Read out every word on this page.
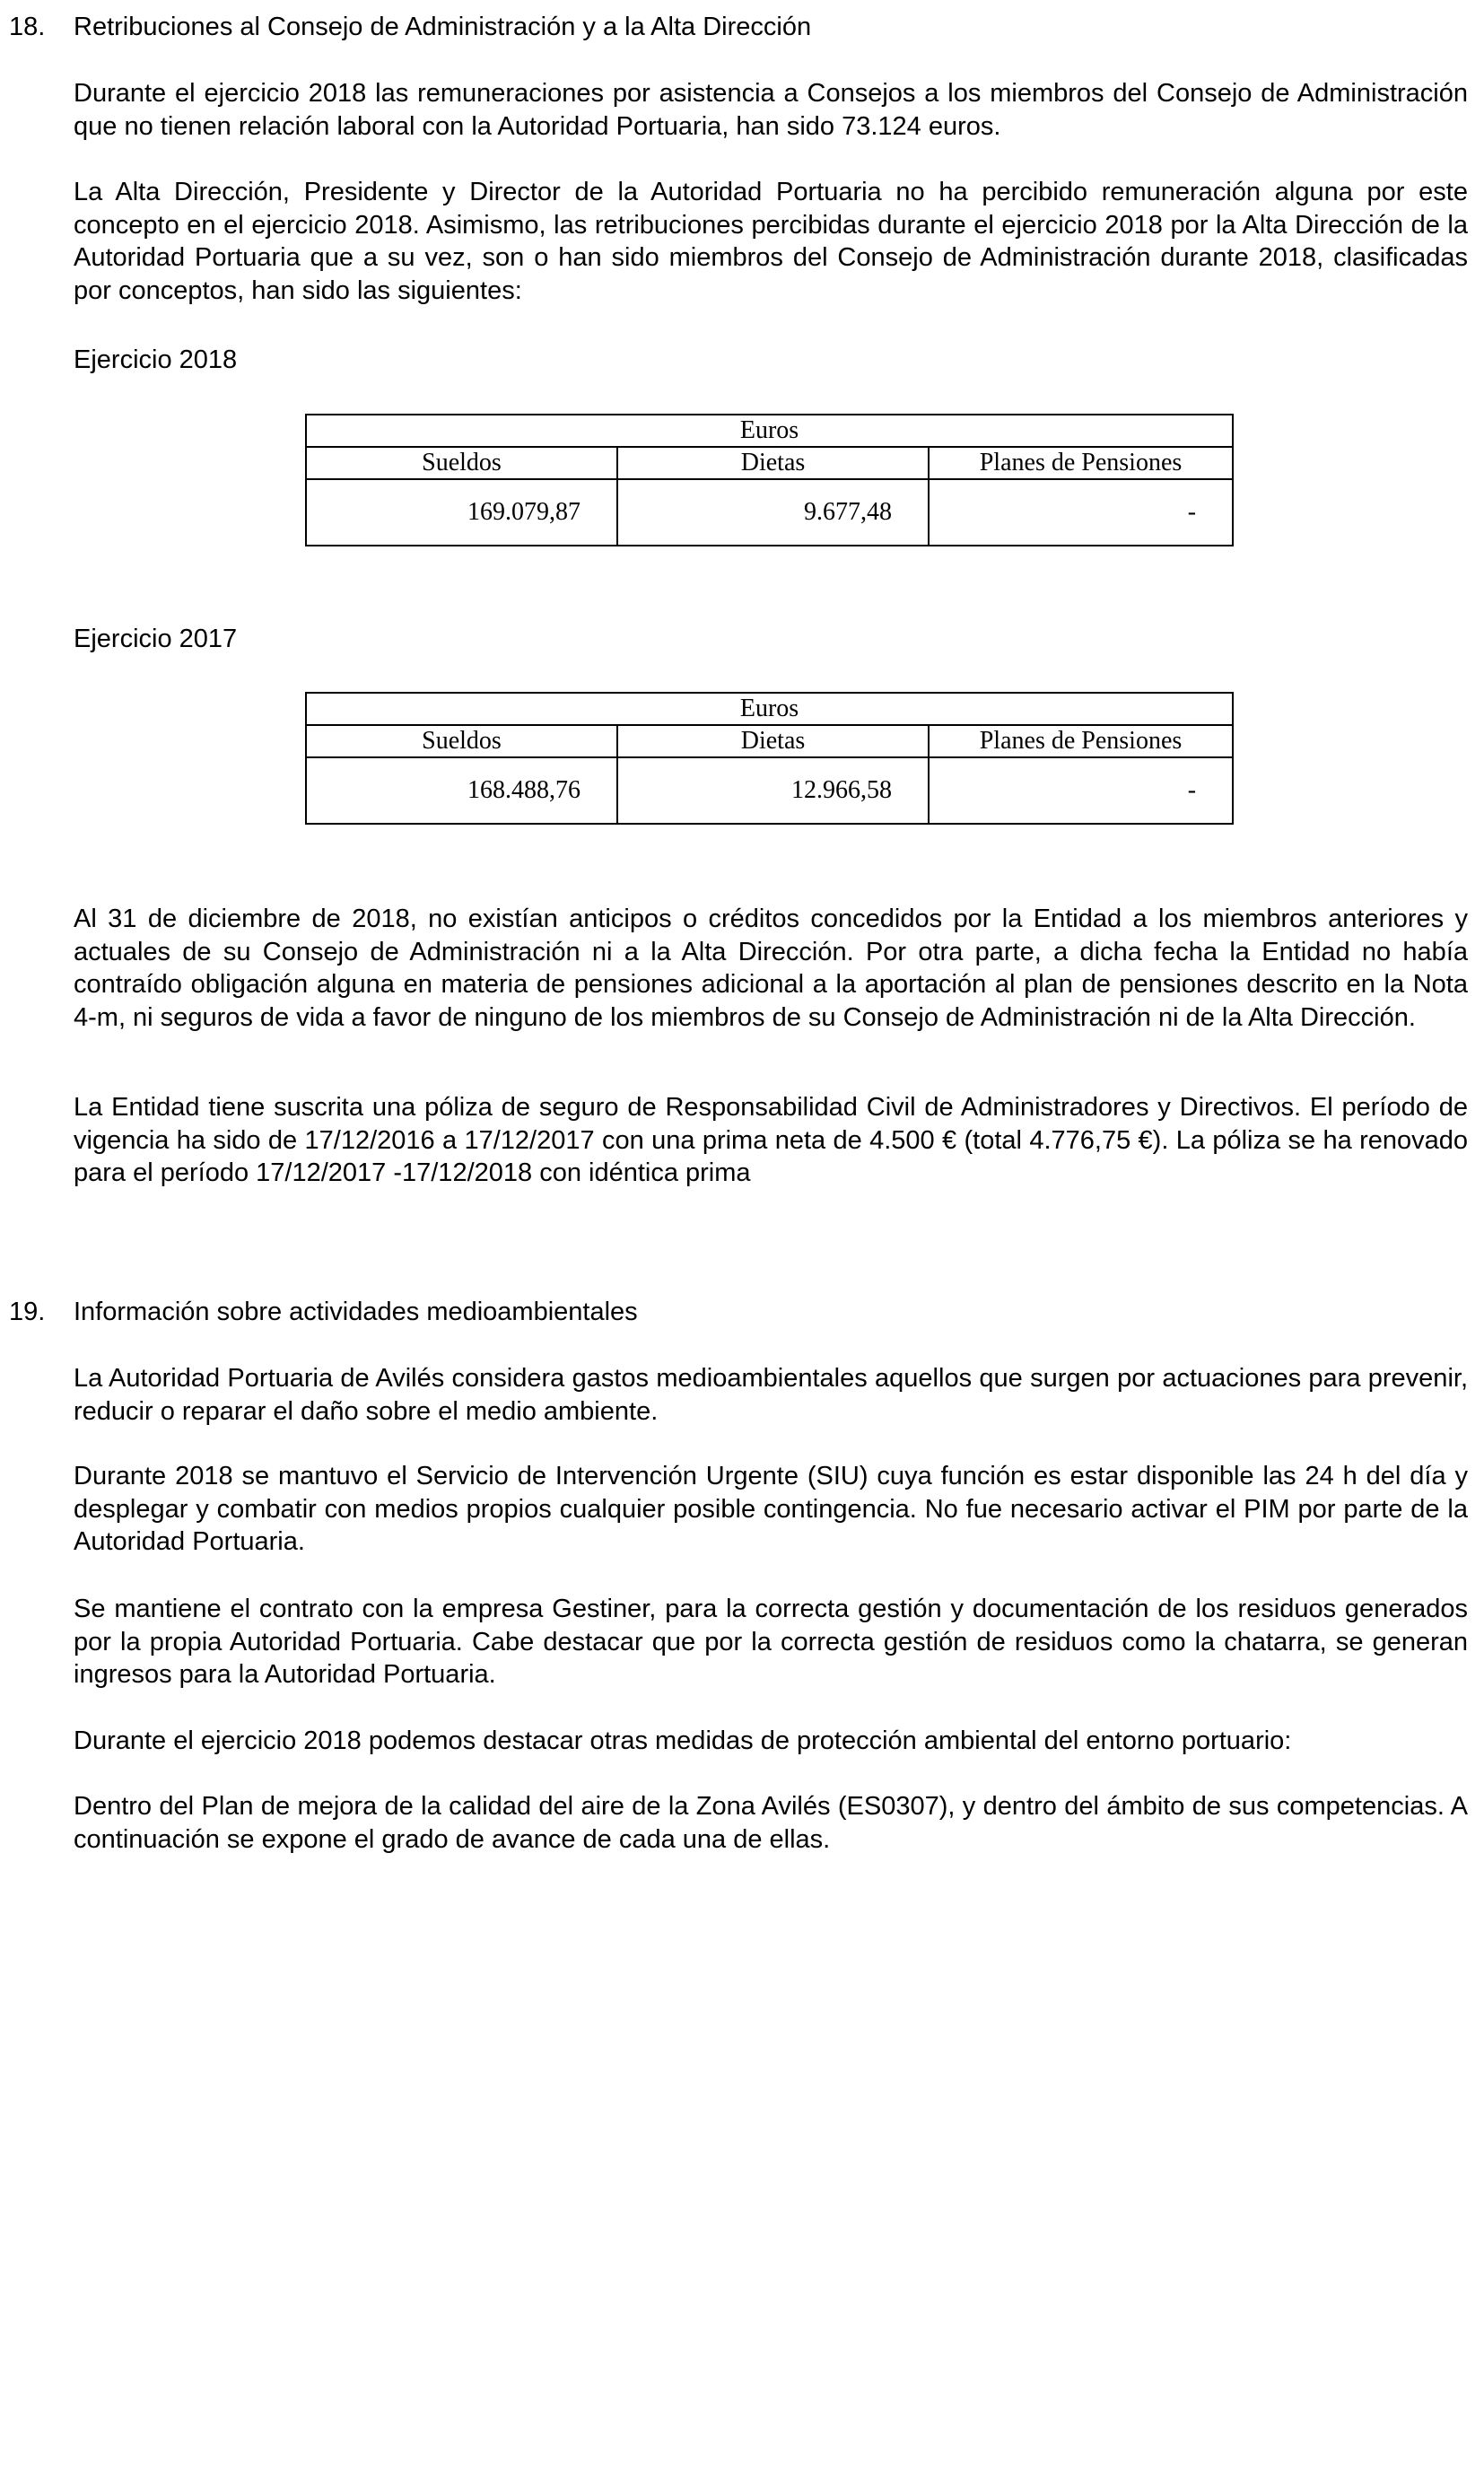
18. Retribuciones al Consejo de Administración y a la Alta Dirección
Durante el ejercicio 2018 las remuneraciones por asistencia a Consejos a los miembros del Consejo de Administración que no tienen relación laboral con la Autoridad Portuaria, han sido 73.124 euros.
La Alta Dirección, Presidente y Director de la Autoridad Portuaria no ha percibido remuneración alguna por este concepto en el ejercicio 2018. Asimismo, las retribuciones percibidas durante el ejercicio 2018 por la Alta Dirección de la Autoridad Portuaria que a su vez, son o han sido miembros del Consejo de Administración durante 2018, clasificadas por conceptos, han sido las siguientes:
Ejercicio 2018
Euros		
Sueldos	Dietas	Planes de Pensiones
169.079,87	9.677,48	-
Ejercicio 2017
Euros		
Sueldos	Dietas	Planes de Pensiones
168.488,76	12.966,58	-
Al 31 de diciembre de 2018, no existían anticipos o créditos concedidos por la Entidad a los miembros anteriores y actuales de su Consejo de Administración ni a la Alta Dirección. Por otra parte, a dicha fecha la Entidad no había contraído obligación alguna en materia de pensiones adicional a la aportación al plan de pensiones descrito en la Nota 4-m, ni seguros de vida a favor de ninguno de los miembros de su Consejo de Administración ni de la Alta Dirección.
La Entidad tiene suscrita una póliza de seguro de Responsabilidad Civil de Administradores y Directivos. El período de vigencia ha sido de 17/12/2016 a 17/12/2017 con una prima neta de 4.500 € (total 4.776,75 €). La póliza se ha renovado para el período 17/12/2017 -17/12/2018 con idéntica prima
19. Información sobre actividades medioambientales
La Autoridad Portuaria de Avilés considera gastos medioambientales aquellos que surgen por actuaciones para prevenir, reducir o reparar el daño sobre el medio ambiente.
Durante 2018 se mantuvo el Servicio de Intervención Urgente (SIU) cuya función es estar disponible las 24 h del día y desplegar y combatir con medios propios cualquier posible contingencia. No fue necesario activar el PIM por parte de la Autoridad Portuaria.
Se mantiene el contrato con la empresa Gestiner, para la correcta gestión y documentación de los residuos generados por la propia Autoridad Portuaria. Cabe destacar que por la correcta gestión de residuos como la chatarra, se generan ingresos para la Autoridad Portuaria.
Durante el ejercicio 2018 podemos destacar otras medidas de protección ambiental del entorno portuario:
Dentro del Plan de mejora de la calidad del aire de la Zona Avilés (ES0307), y dentro del ámbito de sus competencias. A continuación se expone el grado de avance de cada una de ellas.
